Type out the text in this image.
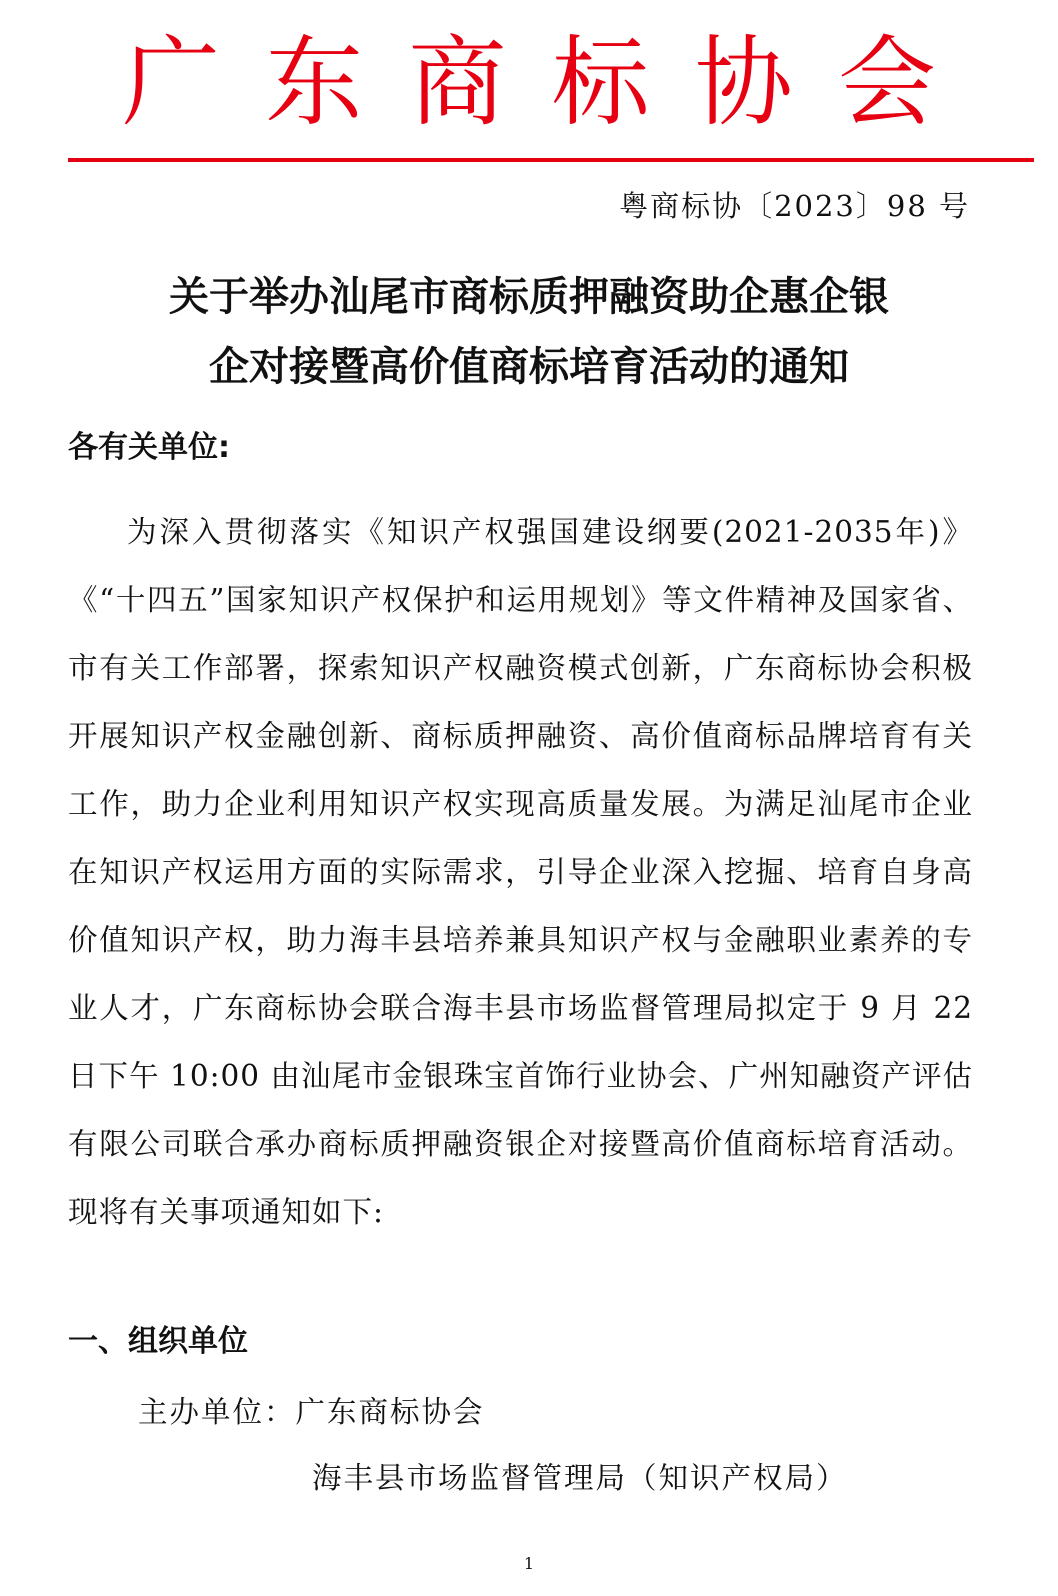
广 东 商 标 协 会
粤商标协〔2023〕98 号
关于举办汕尾市商标质押融资助企惠企银
企对接暨高价值商标培育活动的通知
各有关单位:
为深入贯彻落实《知识产权强国建设纲要(2021-2035年)》《“十四五”国家知识产权保护和运用规划》等文件精神及国家省、市有关工作部署，探索知识产权融资模式创新，广东商标协会积极开展知识产权金融创新、商标质押融资、高价值商标品牌培育有关工作，助力企业利用知识产权实现高质量发展。为满足汕尾市企业在知识产权运用方面的实际需求，引导企业深入挖掘、培育自身高价值知识产权，助力海丰县培养兼具知识产权与金融职业素养的专业人才，广东商标协会联合海丰县市场监督管理局拟定于 9 月 22 日下午 10:00 由汕尾市金银珠宝首饰行业协会、广州知融资产评估有限公司联合承办商标质押融资银企对接暨高价值商标培育活动。现将有关事项通知如下:
一、组织单位
主办单位：广东商标协会
海丰县市场监督管理局（知识产权局）
1
